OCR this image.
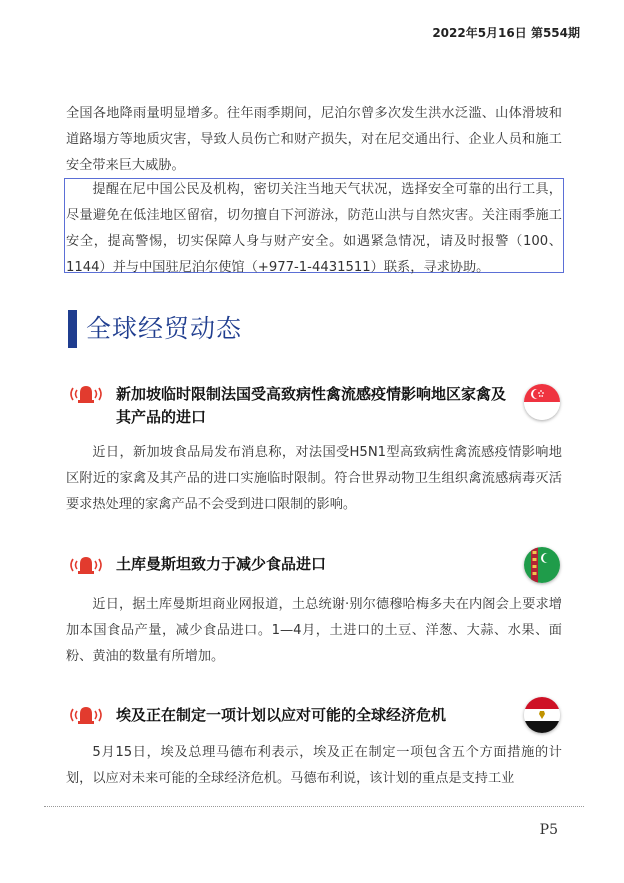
2022年5月16日 第554期

全国各地降雨量明显增多。往年雨季期间，尼泊尔曾多次发生洪水泛滥、山体滑坡和道路塌方等地质灾害，导致人员伤亡和财产损失，对在尼交通出行、企业人员和施工安全带来巨大威胁。

提醒在尼中国公民及机构，密切关注当地天气状况，选择安全可靠的出行工具，尽量避免在低洼地区留宿，切勿擅自下河游泳，防范山洪与自然灾害。关注雨季施工安全，提高警惕，切实保障人身与财产安全。如遇紧急情况，请及时报警（100、1144）并与中国驻尼泊尔使馆（+977-1-4431511）联系，寻求协助。

全球经贸动态

新加坡临时限制法国受高致病性禽流感疫情影响地区家禽及其产品的进口

近日，新加坡食品局发布消息称，对法国受H5N1型高致病性禽流感疫情影响地区附近的家禽及其产品的进口实施临时限制。符合世界动物卫生组织禽流感病毒灭活要求热处理的家禽产品不会受到进口限制的影响。

土库曼斯坦致力于减少食品进口

近日，据土库曼斯坦商业网报道，土总统谢·别尔德穆哈梅多夫在内阁会上要求增加本国食品产量，减少食品进口。1—4月，土进口的土豆、洋葱、大蒜、水果、面粉、黄油的数量有所增加。

埃及正在制定一项计划以应对可能的全球经济危机

5月15日，埃及总理马德布利表示，埃及正在制定一项包含五个方面措施的计划，以应对未来可能的全球经济危机。马德布利说，该计划的重点是支持工业

P5
